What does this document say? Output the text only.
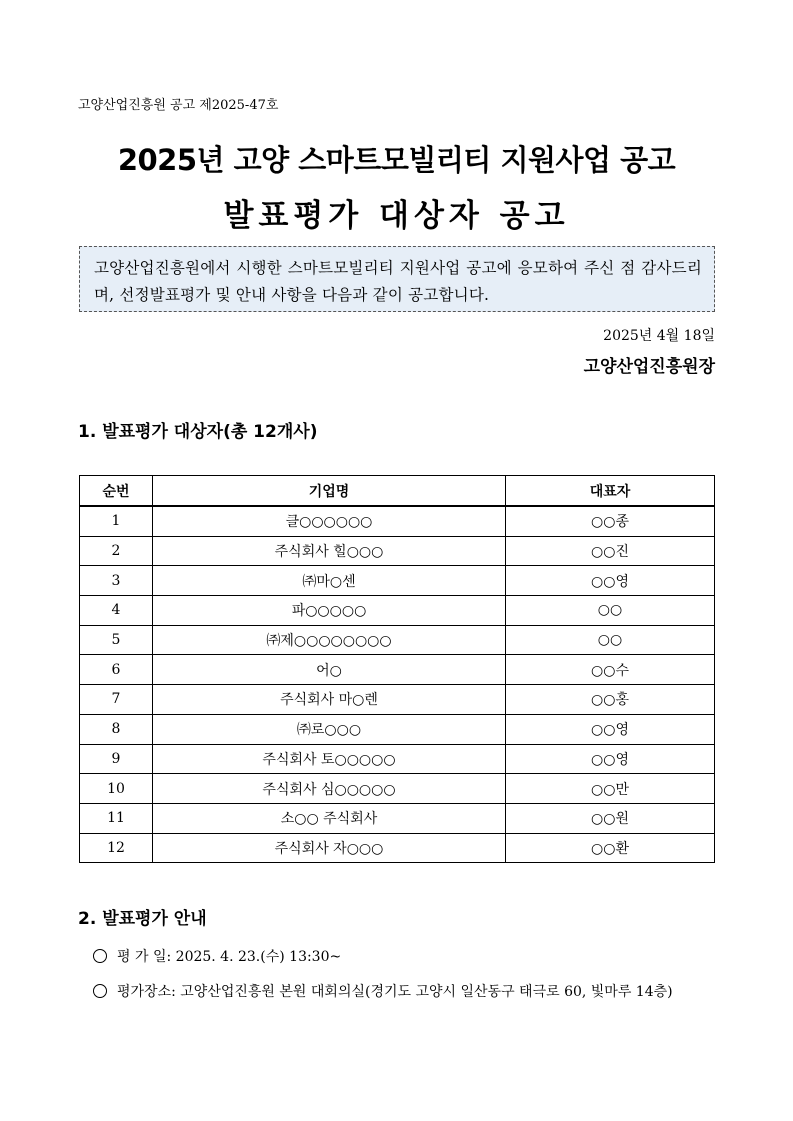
고양산업진흥원 공고 제2025-47호
2025년 고양 스마트모빌리티 지원사업 공고
발표평가 대상자 공고
고양산업진흥원에서 시행한 스마트모빌리티 지원사업 공고에 응모하여 주신 점 감사드리며, 선정발표평가 및 안내 사항을 다음과 같이 공고합니다.
2025년 4월 18일
고양산업진흥원장
1. 발표평가 대상자(총 12개사)
순번	기업명	대표자
1	클○○○○○○	○○종
2	주식회사 힐○○○	○○진
3	㈜마○센	○○영
4	파○○○○○	○○
5	㈜제○○○○○○○○	○○
6	어○	○○수
7	주식회사 마○렌	○○홍
8	㈜로○○○	○○영
9	주식회사 토○○○○○	○○영
10	주식회사 심○○○○○	○○만
11	소○○ 주식회사	○○원
12	주식회사 자○○○	○○환
2. 발표평가 안내
평 가 일: 2025. 4. 23.(수) 13:30~
평가장소: 고양산업진흥원 본원 대회의실(경기도 고양시 일산동구 태극로 60, 빛마루 14층)
